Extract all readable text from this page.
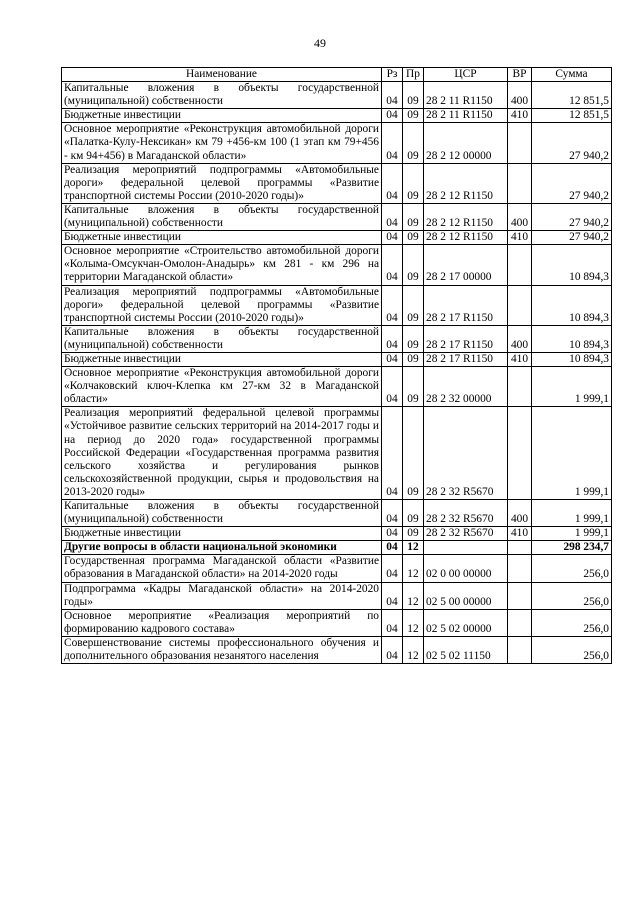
49
Наименование	Рз	Пр	ЦСР	ВР	Сумма
Капитальные вложения в объекты государственной (муниципальной) собственности	04	09	28 2 11 R1150	400	12 851,5
Бюджетные инвестиции	04	09	28 2 11 R1150	410	12 851,5
Основное мероприятие «Реконструкция автомобильной дороги «Палатка-Кулу-Нексикан» км 79 +456-км 100 (1 этап км 79+456 - км 94+456) в Магаданской области»	04	09	28 2 12 00000		27 940,2
Реализация мероприятий подпрограммы «Автомобильные дороги» федеральной целевой программы «Развитие транспортной системы России (2010-2020 годы)»	04	09	28 2 12 R1150		27 940,2
Капитальные вложения в объекты государственной (муниципальной) собственности	04	09	28 2 12 R1150	400	27 940,2
Бюджетные инвестиции	04	09	28 2 12 R1150	410	27 940,2
Основное мероприятие «Строительство автомобильной дороги «Колыма-Омсукчан-Омолон-Анадырь» км 281 - км 296 на территории Магаданской области»	04	09	28 2 17 00000		10 894,3
Реализация мероприятий подпрограммы «Автомобильные дороги» федеральной целевой программы «Развитие транспортной системы России (2010-2020 годы)»	04	09	28 2 17 R1150		10 894,3
Капитальные вложения в объекты государственной (муниципальной) собственности	04	09	28 2 17 R1150	400	10 894,3
Бюджетные инвестиции	04	09	28 2 17 R1150	410	10 894,3
Основное мероприятие «Реконструкция автомобильной дороги «Колчаковский ключ-Клепка км 27-км 32 в Магаданской области»	04	09	28 2 32 00000		1 999,1
Реализация мероприятий федеральной целевой программы «Устойчивое развитие сельских территорий на 2014-2017 годы и на период до 2020 года» государственной программы Российской Федерации «Государственная программа развития сельского хозяйства и регулирования рынков сельскохозяйственной продукции, сырья и продовольствия на 2013-2020 годы»	04	09	28 2 32 R5670		1 999,1
Капитальные вложения в объекты государственной (муниципальной) собственности	04	09	28 2 32 R5670	400	1 999,1
Бюджетные инвестиции	04	09	28 2 32 R5670	410	1 999,1
Другие вопросы в области национальной экономики	04	12			298 234,7
Государственная программа Магаданской области «Развитие образования в Магаданской области» на 2014-2020 годы	04	12	02 0 00 00000		256,0
Подпрограмма «Кадры Магаданской области» на 2014-2020 годы»	04	12	02 5 00 00000		256,0
Основное мероприятие «Реализация мероприятий по формированию кадрового состава»	04	12	02 5 02 00000		256,0
Совершенствование системы профессионального обучения и дополнительного образования незанятого населения	04	12	02 5 02 11150		256,0
